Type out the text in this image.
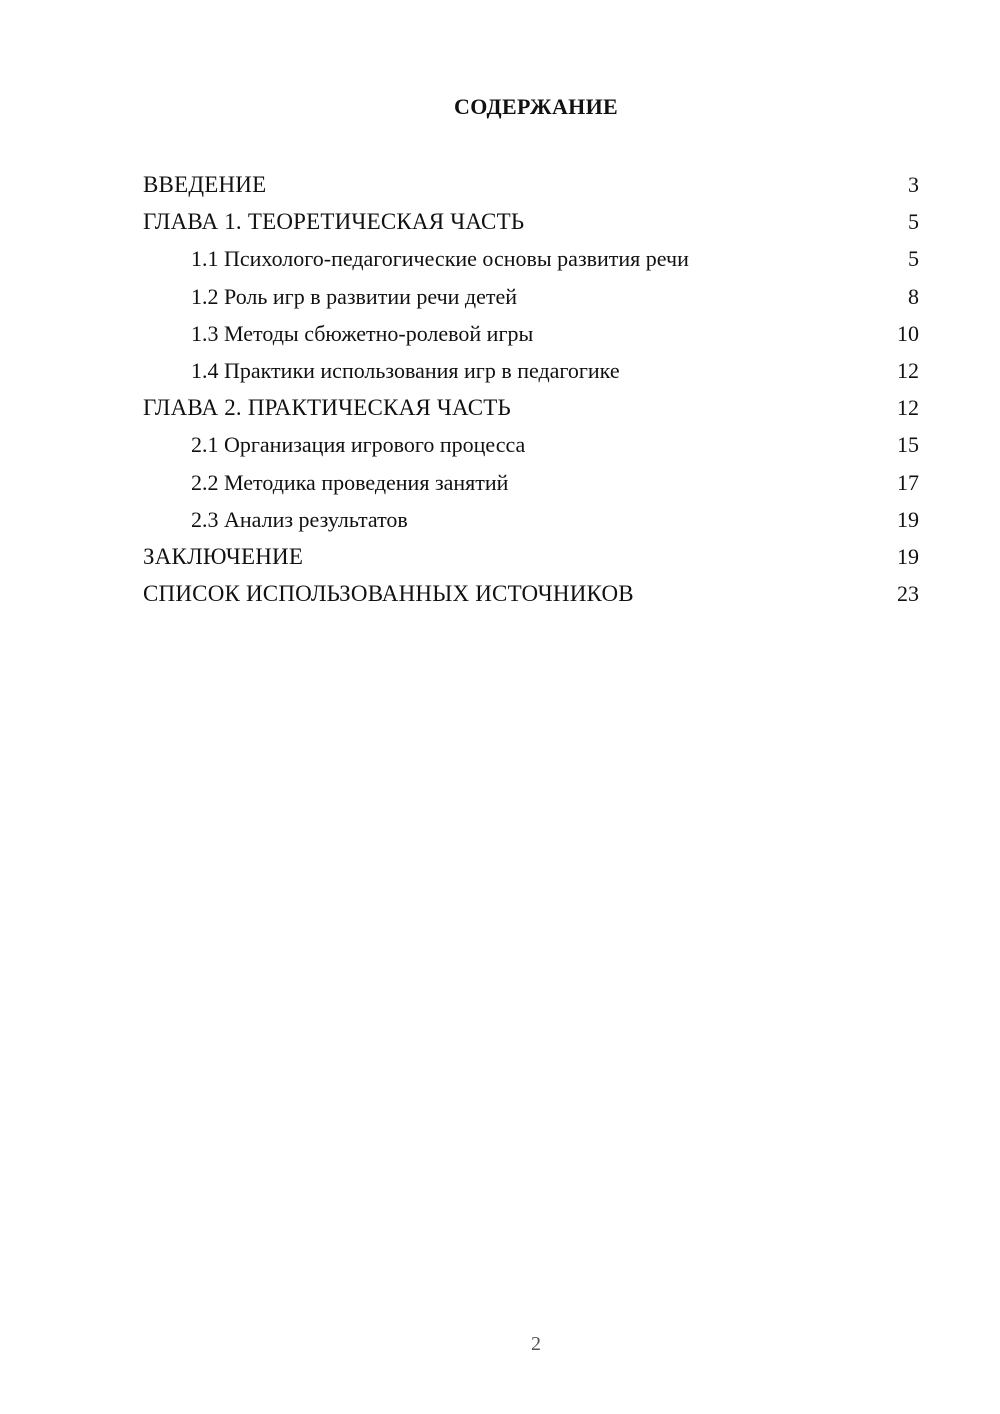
СОДЕРЖАНИЕ
ВВЕДЕНИЕ	3
ГЛАВА 1. ТЕОРЕТИЧЕСКАЯ ЧАСТЬ	5
1.1 Психолого-педагогические основы развития речи	5
1.2 Роль игр в развитии речи детей	8
1.3 Методы сбюжетно-ролевой игры	10
1.4 Практики использования игр в педагогике	12
ГЛАВА 2. ПРАКТИЧЕСКАЯ ЧАСТЬ	12
2.1 Организация игрового процесса	15
2.2 Методика проведения занятий	17
2.3 Анализ результатов	19
ЗАКЛЮЧЕНИЕ	19
СПИСОК ИСПОЛЬЗОВАННЫХ ИСТОЧНИКОВ	23
2
